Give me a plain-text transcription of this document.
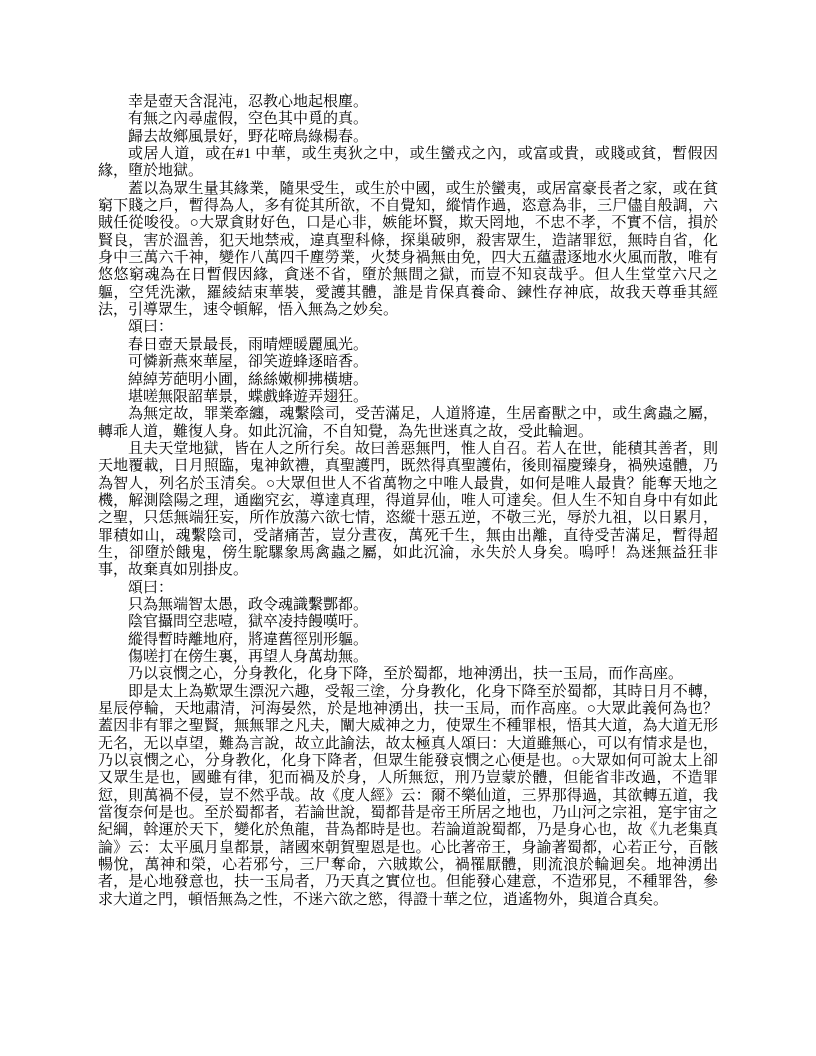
幸是壺天含混沌，忍教心地起根塵。

有無之內尋虛假，空色其中覓的真。

歸去故鄉風景好，野花啼鳥綠楊春。

或居人道，或在#1 中華，或生夷狄之中，或生蠻戎之內，或富或貴，或賤或貧，暫假因緣，墮於地獄。

蓋以為眾生量其緣業，隨果受生，或生於中國，或生於蠻夷，或居富豪長者之家，或在貧窮下賤之戶，暫得為人，多有從其所欲，不自覺知，縱情作過，恣意為非，三尸儘自般調，六賊任從唆役。○大眾貪財好色，口是心非，嫉能坏賢，欺天罔地，不忠不孝，不實不信，損於賢良，害於溫善，犯天地禁戒，違真聖科條，探巢破卵，殺害眾生，造諸罪愆，無時自省，化身中三萬六千神，變作八萬四千塵勞業，火焚身禍無由免，四大五蘊盡逐地水火風而散，唯有悠悠窮魂為在日暫假因緣，貪迷不省，墮於無間之獄，而豈不知哀哉乎。但人生堂堂六尺之軀，空凭洗漱，羅綾結束華裝，愛護其體，誰是肯保真養命、鍊性存神底，故我天尊垂其經法，引導眾生，速令頓解，悟入無為之妙矣。

頌曰：

春日壺天景最長，雨晴煙暖麗風光。

可憐新燕來華屋，卻笑遊蜂逐暗香。

綽綽芳葩明小圃，絲絲嫩柳拂橫塘。

堪嗟無限韶華景，蝶戲蜂遊弄翅狂。

為無定故，罪業牽纏，魂繫陰司，受苦滿足，人道將違，生居畜獸之中，或生禽蟲之屬，轉乖人道，難復人身。如此沉淪，不自知覺，為先世迷真之故，受此輪迴。

且夫天堂地獄，皆在人之所行矣。故曰善惡無門，惟人自召。若人在世，能積其善者，則天地覆載，日月照臨，鬼神欽禮，真聖護門，既然得真聖護佑，後則福慶臻身，禍殃遠體，乃為智人，列名於玉清矣。○大眾但世人不省萬物之中唯人最貴，如何是唯人最貴？能奪天地之機，解測陰陽之理，通幽究玄，導達真理，得道昇仙，唯人可達矣。但人生不知自身中有如此之聖，只恁無端狂妄，所作放蕩六欲七情，恣縱十惡五逆，不敬三光，辱於九祖，以日累月，罪積如山，魂繫陰司，受諸痛苦，豈分晝夜，萬死千生，無由出離，直待受苦滿足，暫得超生，卻墮於餓鬼，傍生駝騾象馬禽蟲之屬，如此沉淪，永失於人身矣。嗚呼！為迷無益狂非事，故棄真如別掛皮。

頌曰：

只為無端智太愚，政令魂識繫酆都。

陰官攝問空悲噎，獄卒凌持饅嘆吁。

縱得暫時離地府，將違舊徑別形軀。

傷嗟打在傍生裏，再望人身萬劫無。

乃以哀憫之心，分身教化，化身下降，至於蜀都，地神湧出，扶一玉局，而作高座。

即是太上為歎眾生漂況六趣，受報三塗，分身教化，化身下降至於蜀都，其時日月不轉，星辰停輪，天地肅清，河海晏然，於是地神湧出，扶一玉局，而作高座。○大眾此義何為也？蓋因非有罪之聖賢，無無罪之凡夫，闡大威神之力，使眾生不種罪根，悟其大道，為大道无形无名，无以卓望，難為言說，故立此諭法，故太極真人頌曰：大道雖無心，可以有情求是也，乃以哀憫之心，分身教化，化身下降者，但眾生能發哀憫之心便是也。○大眾如何可說太上卻又眾生是也，國雖有律，犯而禍及於身，人所無愆，刑乃豈蒙於體，但能省非改過，不造罪愆，則萬禍不侵，豈不然乎哉。故《度人經》云：爾不樂仙道，三界那得過，其欲轉五道，我當復奈何是也。至於蜀都者，若論世說，蜀都昔是帝王所居之地也，乃山河之宗祖，寔宇宙之紀綱，斡運於天下，變化於魚龍，昔為都時是也。若論道說蜀都，乃是身心也，故《九老集真論》云：太平風月皇都景，諸國來朝賀聖恩是也。心比著帝王，身諭著蜀都，心若正兮，百骸暢悅，萬神和榮，心若邪兮，三尸奪命，六賊欺公，禍罹厭體，則流浪於輪迴矣。地神湧出者，是心地發意也，扶一玉局者，乃天真之實位也。但能發心建意，不造邪見，不種罪咎，參求大道之門，頓悟無為之性，不迷六欲之慾，得證十華之位，逍遙物外，與道合真矣。
